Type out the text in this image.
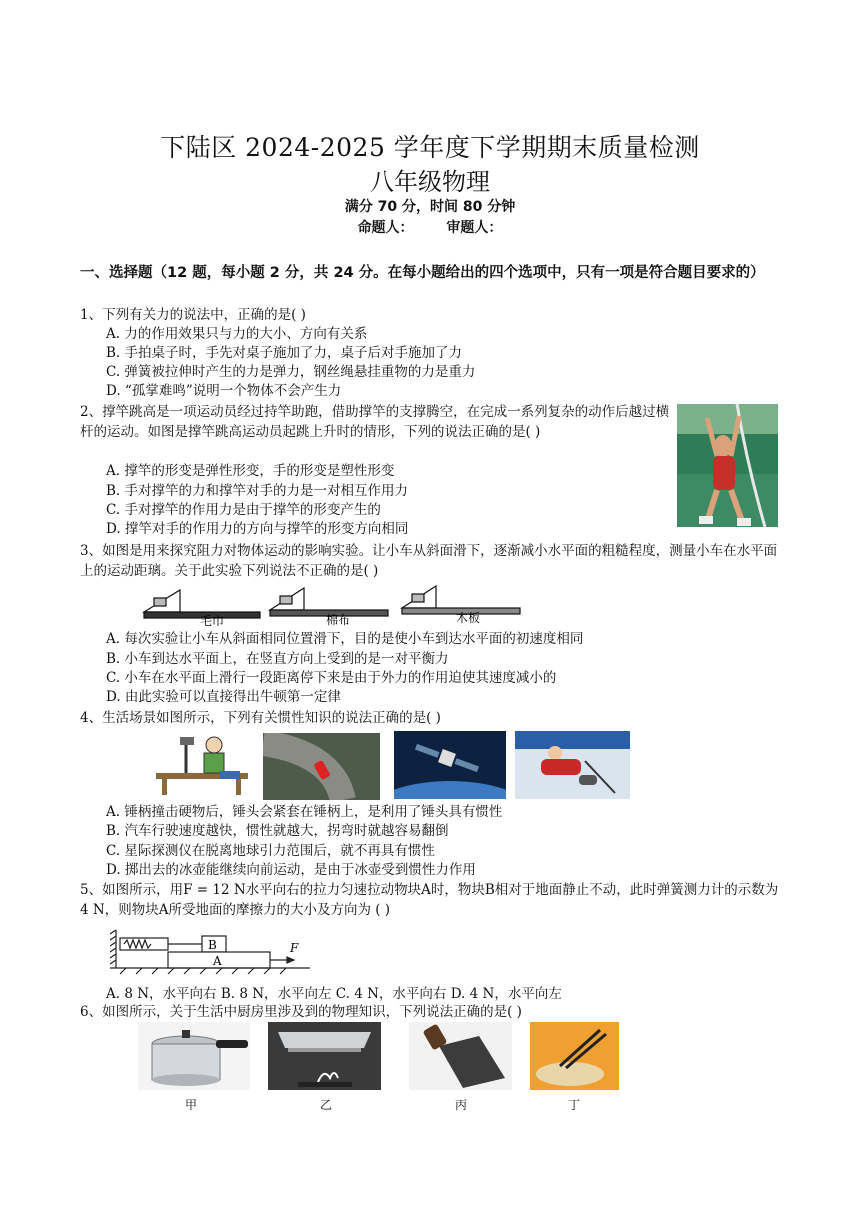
下陆区 2024-2025 学年度下学期期末质量检测
八年级物理
满分 70 分，时间 80 分钟
命题人： 审题人：
一、选择题（12 题，每小题 2 分，共 24 分。在每小题给出的四个选项中，只有一项是符合题目要求的）
1、下列有关力的说法中，正确的是( )
A. 力的作用效果只与力的大小、方向有关系
B. 手拍桌子时，手先对桌子施加了力，桌子后对手施加了力
C. 弹簧被拉伸时产生的力是弹力，钢丝绳悬挂重物的力是重力
D. “孤掌难鸣”说明一个物体不会产生力
2、撑竿跳高是一项运动员经过持竿助跑，借助撑竿的支撑腾空，在完成一系列复杂的动作后越过横杆的运动。如图是撑竿跳高运动员起跳上升时的情形，下列的说法正确的是( )
A. 撑竿的形变是弹性形变，手的形变是塑性形变
B. 手对撑竿的力和撑竿对手的力是一对相互作用力
C. 手对撑竿的作用力是由于撑竿的形变产生的
D. 撑竿对手的作用力的方向与撑竿的形变方向相同
3、如图是用来探究阻力对物体运动的影响实验。让小车从斜面滑下，逐渐减小水平面的粗糙程度，测量小车在水平面上的运动距璃。关于此实验下列说法不正确的是( )
毛巾	棉布	木板
A. 每次实验让小车从斜面相同位置滑下，目的是使小车到达水平面的初速度相同
B. 小车到达水平面上，在竖直方向上受到的是一对平衡力
C. 小车在水平面上滑行一段距离停下来是由于外力的作用迫使其速度减小的
D. 由此实验可以直接得出牛顿第一定律
4、生活场景如图所示，下列有关惯性知识的说法正确的是( )
A. 锤柄撞击硬物后，锤头会紧套在锤柄上，是利用了锤头具有惯性
B. 汽车行驶速度越快，惯性就越大，拐弯时就越容易翻倒
C. 星际探测仪在脱离地球引力范围后，就不再具有惯性
D. 掷出去的冰壶能继续向前运动，是由于冰壶受到惯性力作用
5、如图所示，用F = 12 N水平向右的拉力匀速拉动物块A时，物块B相对于地面静止不动，此时弹簧测力计的示数为4 N，则物块A所受地面的摩擦力的大小及方向为 ( )
B
A
F
A. 8 N，水平向右 B. 8 N，水平向左 C. 4 N，水平向右 D. 4 N，水平向左
6、如图所示，关于生活中厨房里涉及到的物理知识，下列说法正确的是( )
甲	乙	丙	丁
